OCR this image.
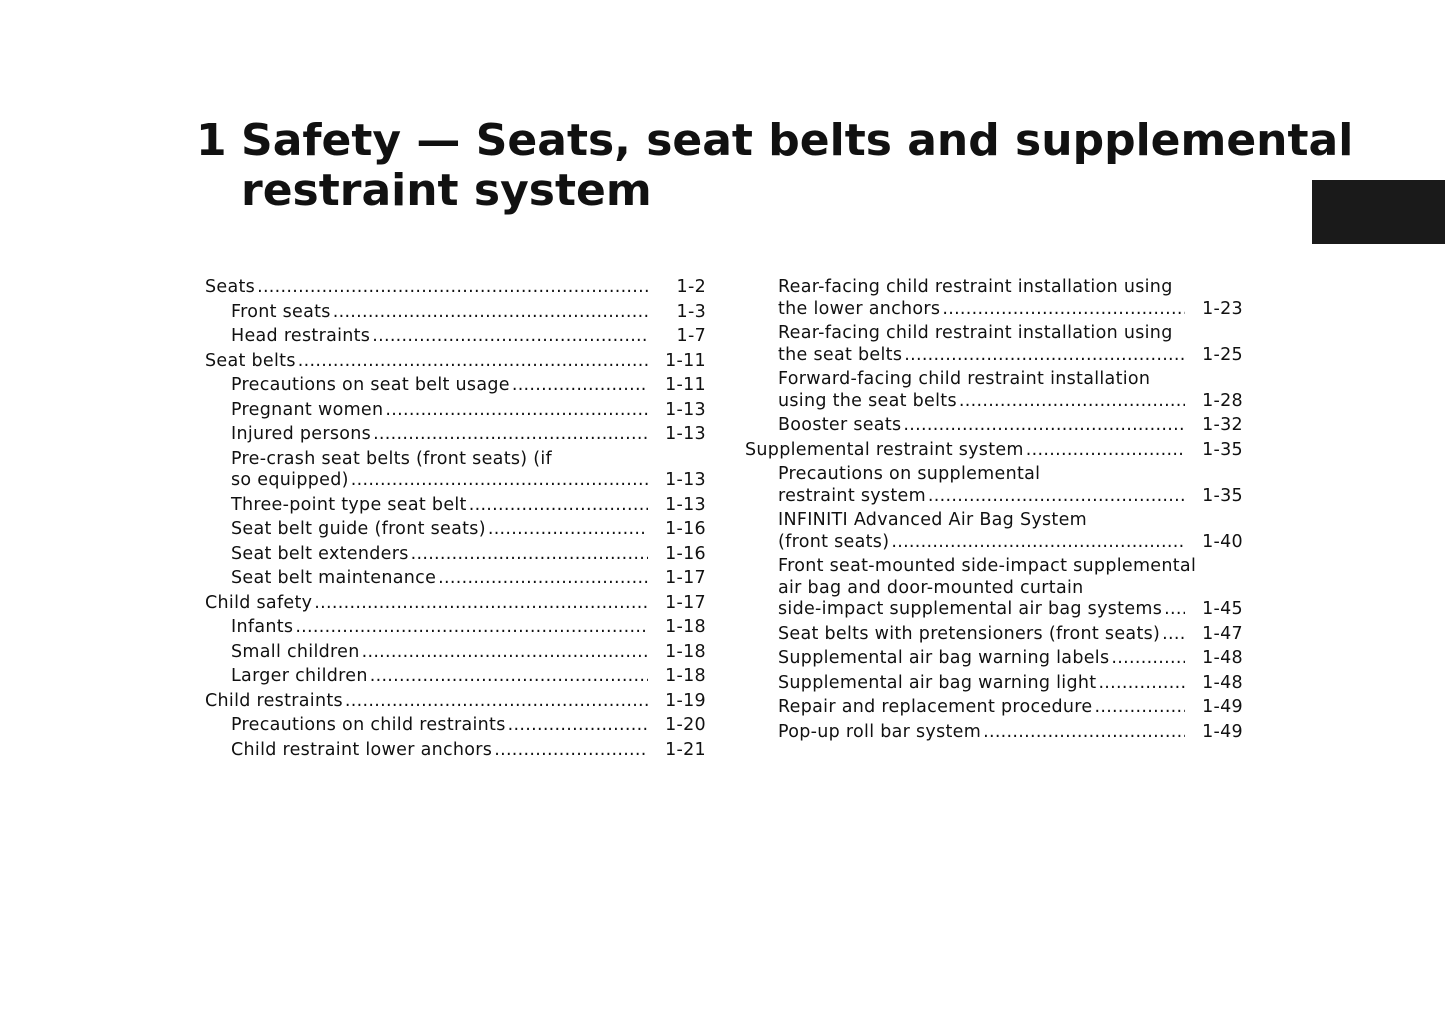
1 Safety — Seats, seat belts and supplemental
restraint system
Seats .....	1-2
Front seats .....	1-3
Head restraints .....	1-7
Seat belts .....	1-11
Precautions on seat belt usage .....	1-11
Pregnant women .....	1-13
Injured persons .....	1-13
Pre-crash seat belts (front seats) (if
so equipped) .....	1-13
Three-point type seat belt .....	1-13
Seat belt guide (front seats) .....	1-16
Seat belt extenders .....	1-16
Seat belt maintenance .....	1-17
Child safety .....	1-17
Infants .....	1-18
Small children .....	1-18
Larger children .....	1-18
Child restraints .....	1-19
Precautions on child restraints .....	1-20
Child restraint lower anchors .....	1-21
Rear-facing child restraint installation using
the lower anchors .....	1-23
Rear-facing child restraint installation using
the seat belts .....	1-25
Forward-facing child restraint installation
using the seat belts .....	1-28
Booster seats .....	1-32
Supplemental restraint system .....	1-35
Precautions on supplemental
restraint system .....	1-35
INFINITI Advanced Air Bag System
(front seats) .....	1-40
Front seat-mounted side-impact supplemental
air bag and door-mounted curtain
side-impact supplemental air bag systems ..... 1-45
Seat belts with pretensioners (front seats) ..... 1-47
Supplemental air bag warning labels .....	1-48
Supplemental air bag warning light .....	1-48
Repair and replacement procedure .....	1-49
Pop-up roll bar system .....	1-49
